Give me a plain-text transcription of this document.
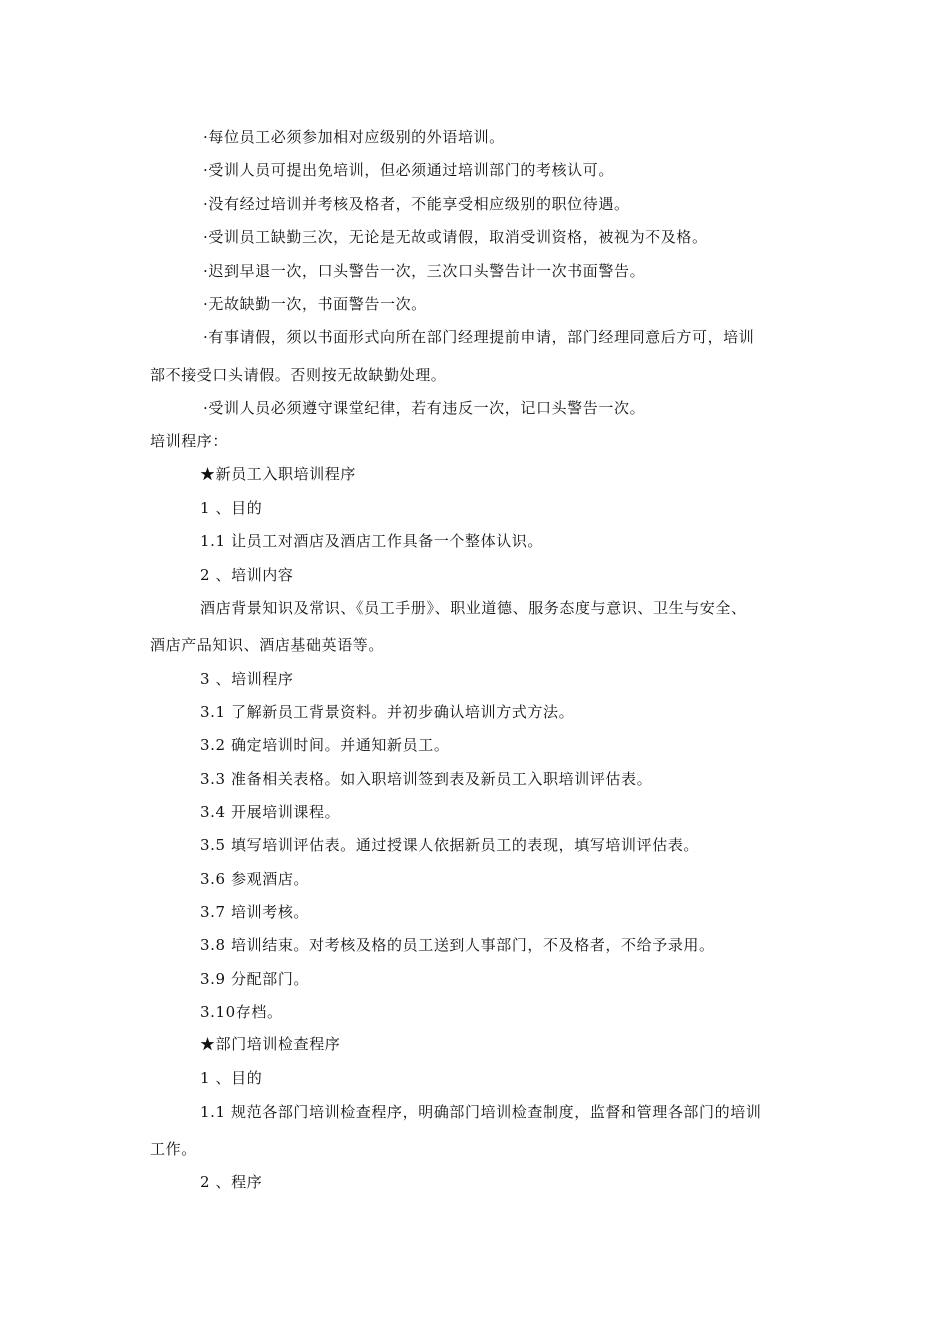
·每位员工必须参加相对应级别的外语培训。
·受训人员可提出免培训，但必须通过培训部门的考核认可。
·没有经过培训并考核及格者，不能享受相应级别的职位待遇。
·受训员工缺勤三次，无论是无故或请假，取消受训资格，被视为不及格。
·迟到早退一次，口头警告一次，三次口头警告计一次书面警告。
·无故缺勤一次，书面警告一次。
·有事请假，须以书面形式向所在部门经理提前申请，部门经理同意后方可，培训
部不接受口头请假。否则按无故缺勤处理。
·受训人员必须遵守课堂纪律，若有违反一次，记口头警告一次。
培训程序：
★新员工入职培训程序
1 、目的
1.1 让员工对酒店及酒店工作具备一个整体认识。
2 、培训内容
酒店背景知识及常识、《员工手册》、职业道德、服务态度与意识、卫生与安全、
酒店产品知识、酒店基础英语等。
3 、培训程序
3.1 了解新员工背景资料。并初步确认培训方式方法。
3.2 确定培训时间。并通知新员工。
3.3 准备相关表格。如入职培训签到表及新员工入职培训评估表。
3.4 开展培训课程。
3.5 填写培训评估表。通过授课人依据新员工的表现，填写培训评估表。
3.6 参观酒店。
3.7 培训考核。
3.8 培训结束。对考核及格的员工送到人事部门，不及格者，不给予录用。
3.9 分配部门。
3.10存档。
★部门培训检查程序
1 、目的
1.1 规范各部门培训检查程序，明确部门培训检查制度，监督和管理各部门的培训
工作。
2 、程序
